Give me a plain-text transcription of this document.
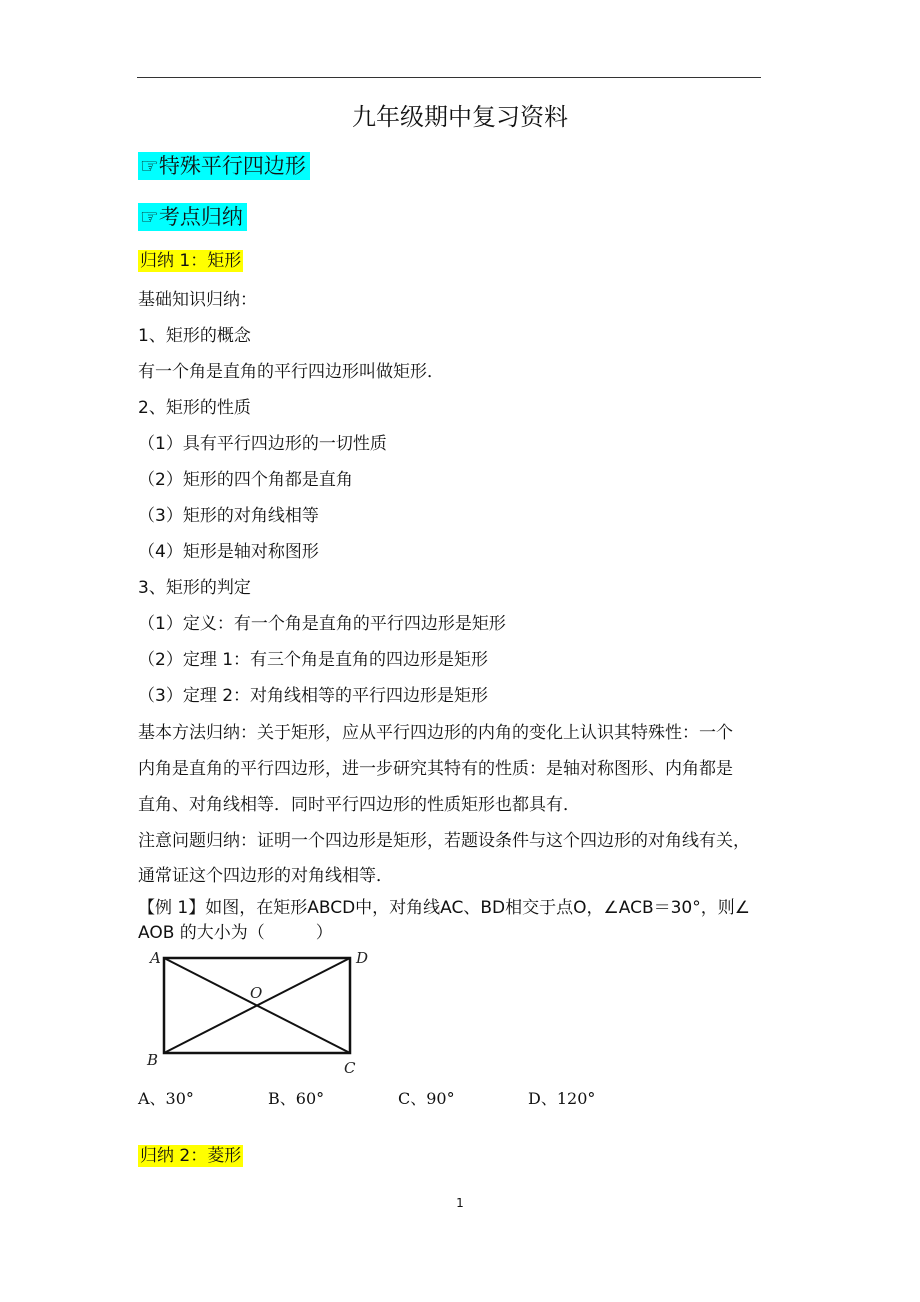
九年级期中复习资料
☞特殊平行四边形
☞考点归纳
归纳 1：矩形
基础知识归纳：
1、矩形的概念
有一个角是直角的平行四边形叫做矩形．
2、矩形的性质
（1）具有平行四边形的一切性质
（2）矩形的四个角都是直角
（3）矩形的对角线相等
（4）矩形是轴对称图形
3、矩形的判定
（1）定义：有一个角是直角的平行四边形是矩形
（2）定理 1：有三个角是直角的四边形是矩形
（3）定理 2：对角线相等的平行四边形是矩形
基本方法归纳：关于矩形，应从平行四边形的内角的变化上认识其特殊性：一个
内角是直角的平行四边形，进一步研究其特有的性质：是轴对称图形、内角都是
直角、对角线相等．同时平行四边形的性质矩形也都具有．
注意问题归纳：证明一个四边形是矩形，若题设条件与这个四边形的对角线有关，
通常证这个四边形的对角线相等．
【例 1】如图，在矩形ABCD中，对角线AC、BD相交于点O，∠ACB＝30°，则∠
AOB 的大小为（　　　）
A	D
B	C
O
A、30°	B、60°	C、90°	D、120°
归纳 2：菱形
1
